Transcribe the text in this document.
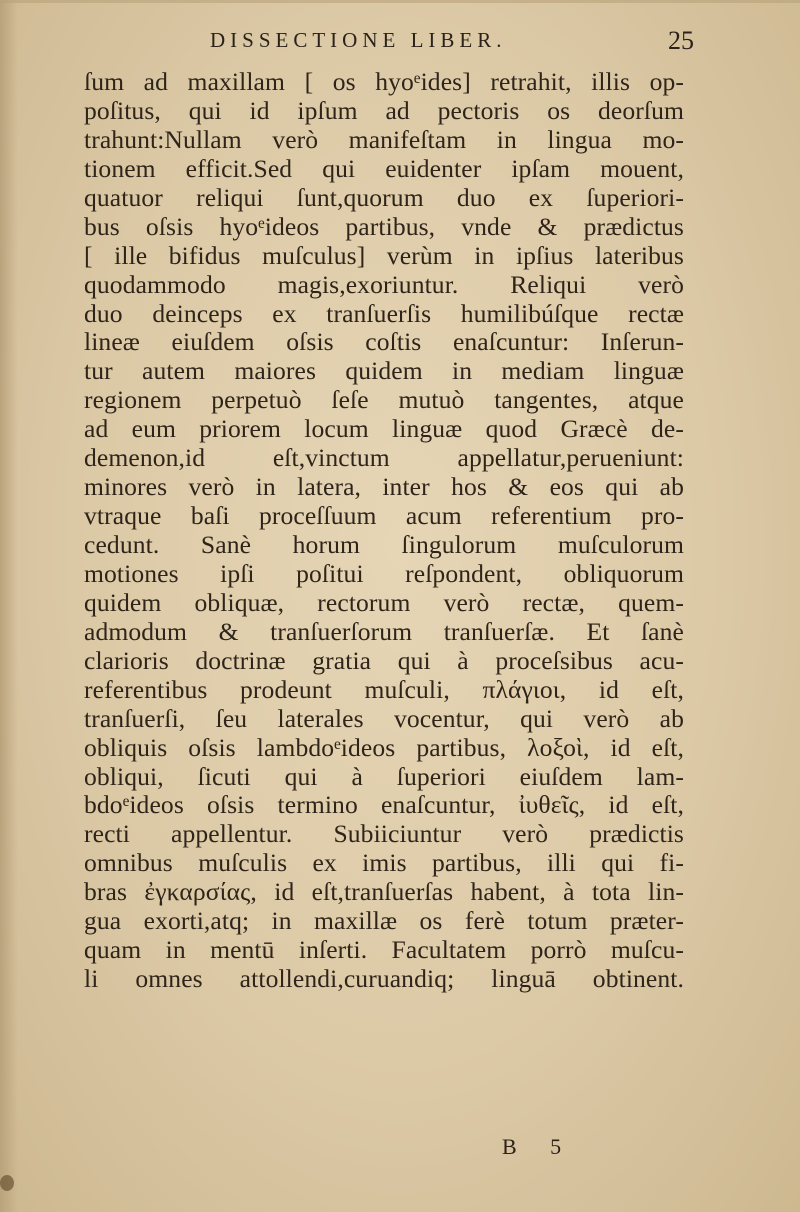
DISSECTIONE LIBER.	25
ſum ad maxillam [ os hyoᵉides] retrahit, illis op-
poſitus, qui id ipſum ad pectoris os deorſum
trahunt:Nullam verò manifeſtam in lingua mo-
tionem efficit.Sed qui euidenter ipſam mouent,
quatuor reliqui ſunt,quorum duo ex ſuperiori-
bus oſsis hyoᵉideos partibus, vnde & prædictus
[ ille bifidus muſculus] verùm in ipſius lateribus
quodammodo magis,exoriuntur. Reliqui verò
duo deinceps ex tranſuerſis humilibúſque rectæ
lineæ eiuſdem oſsis coſtis enaſcuntur: Inſerun-
tur autem maiores quidem in mediam linguæ
regionem perpetuò ſeſe mutuò tangentes, atque
ad eum priorem locum linguæ quod Græcè de-
demenon,id eſt,vinctum appellatur,perueniunt:
minores verò in latera, inter hos & eos qui ab
vtraque baſi proceſſuum acum referentium pro-
cedunt. Sanè horum ſingulorum muſculorum
motiones ipſi poſitui reſpondent, obliquorum
quidem obliquæ, rectorum verò rectæ, quem-
admodum & tranſuerſorum tranſuerſæ. Et ſanè
clarioris doctrinæ gratia qui à proceſsibus acu-
referentibus prodeunt muſculi, πλάγιοι, id eſt,
tranſuerſi, ſeu laterales vocentur, qui verò ab
obliquis oſsis lambdoᵉideos partibus, λοξοὶ, id eſt,
obliqui, ſicuti qui à ſuperiori eiuſdem lam-
bdoᵉideos oſsis termino enaſcuntur, ἰυθεῖς, id eſt,
recti appellentur. Subiiciuntur verò prædictis
omnibus muſculis ex imis partibus, illi qui fi-
bras ἐγκαρσίας, id eſt,tranſuerſas habent, à tota lin-
gua exorti,atq; in maxillæ os ferè totum præter-
quam in mentū inſerti. Facultatem porrò muſcu-
li omnes attollendi,curuandiq; linguā obtinent.
B 5
